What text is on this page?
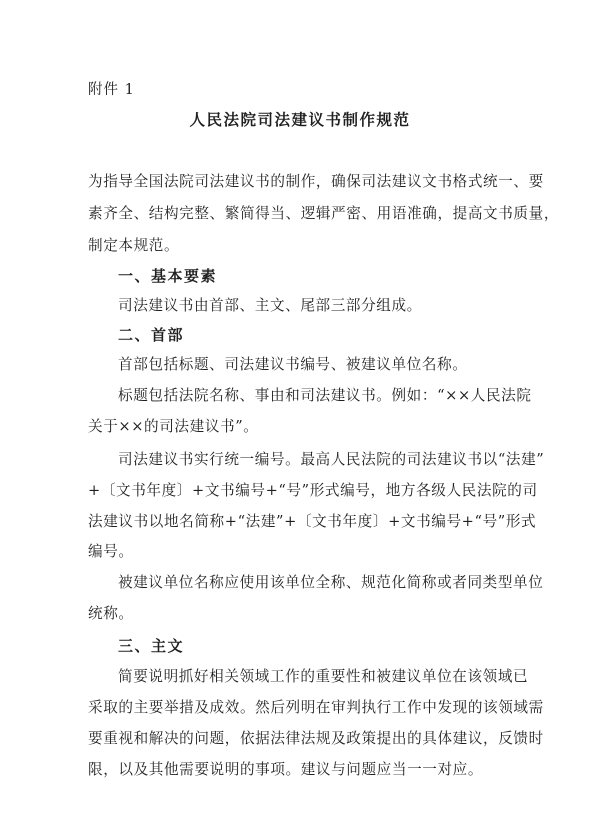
附件 1
人民法院司法建议书制作规范
为指导全国法院司法建议书的制作，确保司法建议文书格式统一、要
素齐全、结构完整、繁简得当、逻辑严密、用语准确，提高文书质量，
制定本规范。
一、基本要素
司法建议书由首部、主文、尾部三部分组成。
二、首部
首部包括标题、司法建议书编号、被建议单位名称。
标题包括法院名称、事由和司法建议书。例如：“××人民法院
关于××的司法建议书”。
司法建议书实行统一编号。最高人民法院的司法建议书以“法建”
+〔文书年度〕+文书编号+“号”形式编号，地方各级人民法院的司
法建议书以地名简称+“法建”+〔文书年度〕+文书编号+“号”形式
编号。
被建议单位名称应使用该单位全称、规范化简称或者同类型单位
统称。
三、主文
简要说明抓好相关领域工作的重要性和被建议单位在该领域已
采取的主要举措及成效。然后列明在审判执行工作中发现的该领域需
要重视和解决的问题，依据法律法规及政策提出的具体建议，反馈时
限，以及其他需要说明的事项。建议与问题应当一一对应。
